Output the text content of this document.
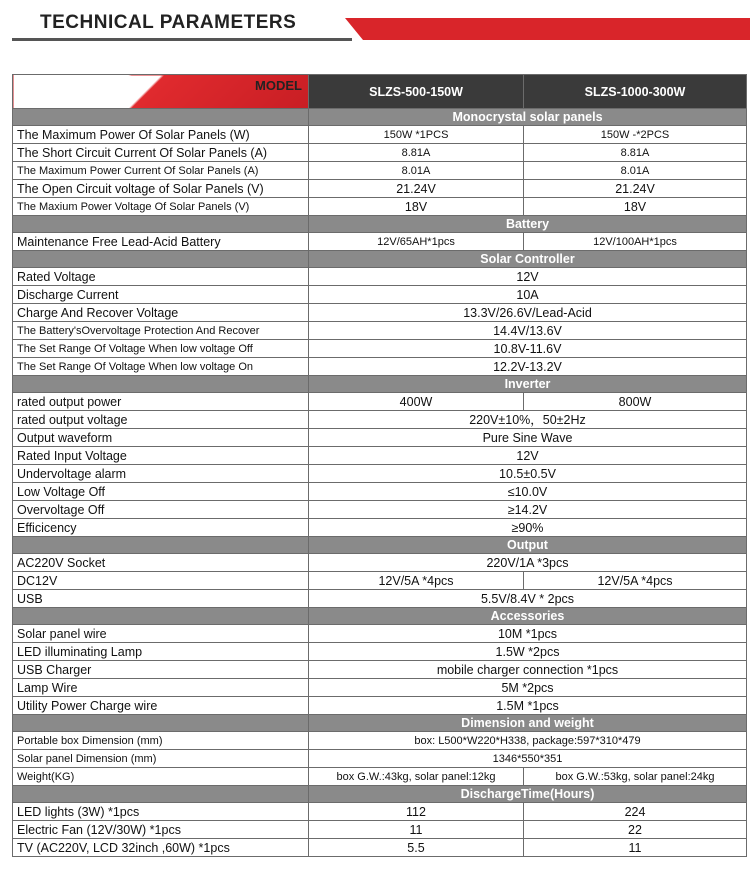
TECHNICAL PARAMETERS
MODEL
SPECIFICATION	SLZS-500-150W	SLZS-1000-300W
	Monocrystal solar panels	
The Maximum Power Of Solar Panels (W)	150W *1PCS	150W -*2PCS
The Short Circuit Current Of Solar Panels (A)	8.81A	8.81A
The Maximum Power Current Of Solar Panels (A)	8.01A	8.01A
The Open Circuit voltage of Solar Panels (V)	21.24V	21.24V
The Maxium Power Voltage Of Solar Panels (V)	18V	18V
	Battery	
Maintenance Free Lead-Acid Battery	12V/65AH*1pcs	12V/100AH*1pcs
	Solar Controller	
Rated Voltage	12V	
Discharge Current	10A	
Charge And Recover Voltage	13.3V/26.6V/Lead-Acid	
The Battery'sOvervoltage Protection And Recover	14.4V/13.6V	
The Set Range Of Voltage When low voltage Off	10.8V-11.6V	
The Set Range Of Voltage When low voltage On	12.2V-13.2V	
	Inverter	
rated output power	400W	800W
rated output voltage	220V±10%，50±2Hz	
Output waveform	Pure Sine Wave	
Rated Input Voltage	12V	
Undervoltage alarm	10.5±0.5V	
Low Voltage Off	≤10.0V	
Overvoltage Off	≥14.2V	
Efficicency	≥90%	
	Output	
AC220V Socket	220V/1A *3pcs	
DC12V	12V/5A *4pcs	12V/5A *4pcs
USB	5.5V/8.4V * 2pcs	
	Accessories	
Solar panel wire	10M *1pcs	
LED illuminating Lamp	1.5W *2pcs	
USB Charger	mobile charger connection *1pcs	
Lamp Wire	5M *2pcs	
Utility Power Charge wire	1.5M *1pcs	
	Dimension and weight	
Portable box Dimension (mm)	box: L500*W220*H338, package:597*310*479	
Solar panel Dimension (mm)	1346*550*351	
Weight(KG)	box G.W.:43kg, solar panel:12kg	box G.W.:53kg, solar panel:24kg
	DischargeTime(Hours)	
LED lights (3W) *1pcs	112	224
Electric Fan (12V/30W) *1pcs	11	22
TV (AC220V, LCD 32inch ,60W) *1pcs	5.5	11
